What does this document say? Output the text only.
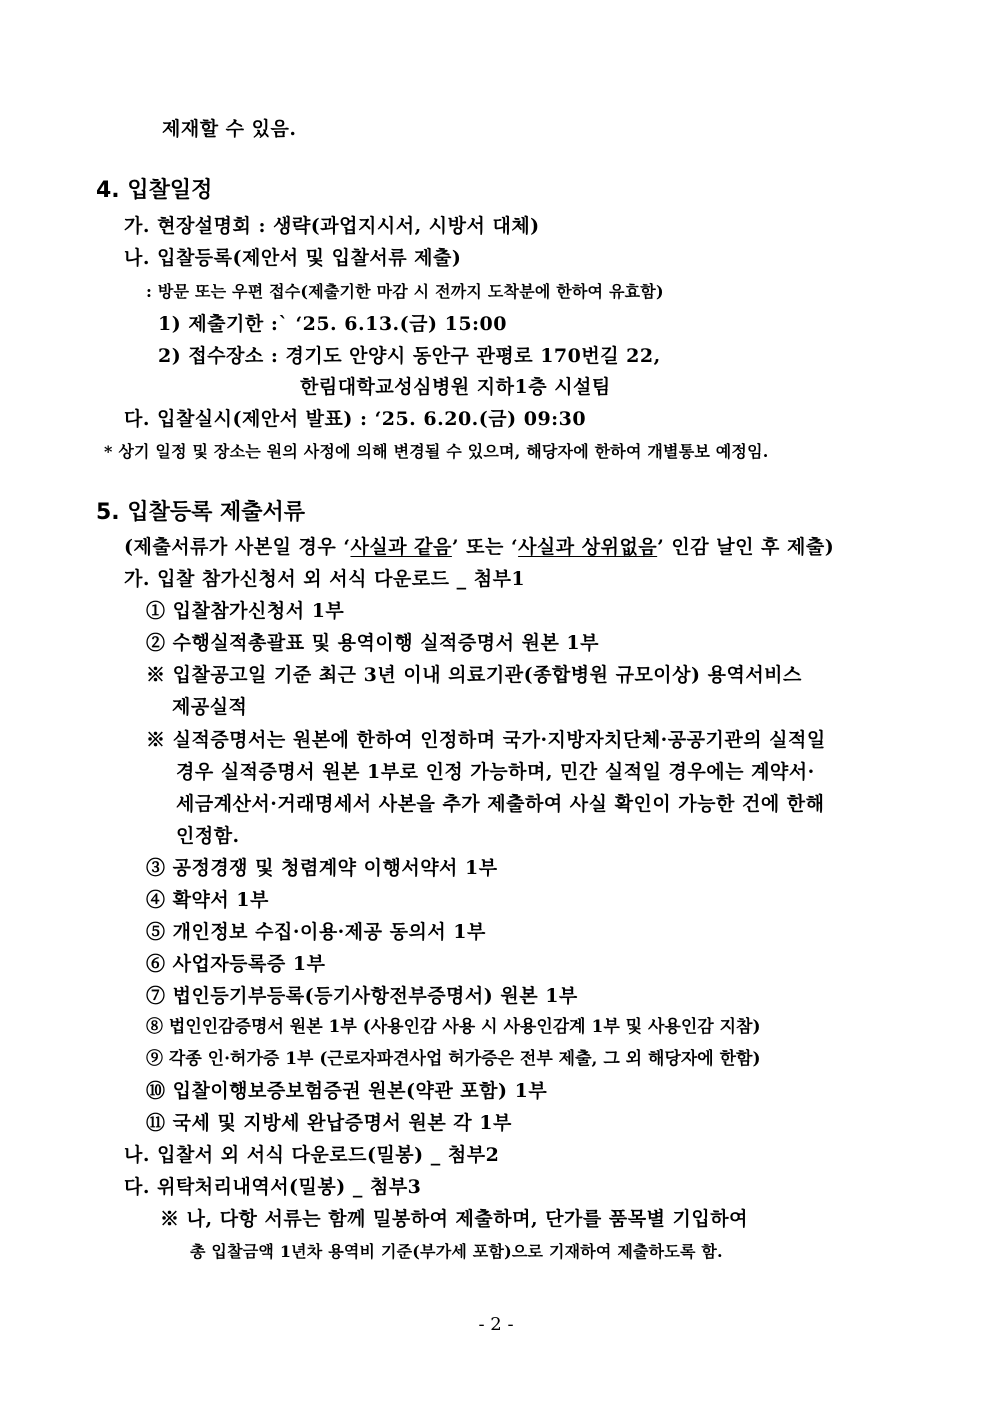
제재할 수 있음.
4. 입찰일정
가. 현장설명회 : 생략(과업지시서, 시방서 대체)
나. 입찰등록(제안서 및 입찰서류 제출)
: 방문 또는 우편 접수(제출기한 마감 시 전까지 도착분에 한하여 유효함)
1) 제출기한 :` ‘25. 6.13.(금) 15:00
2) 접수장소 : 경기도 안양시 동안구 관평로 170번길 22,
한림대학교성심병원 지하1층 시설팀
다. 입찰실시(제안서 발표) : ‘25. 6.20.(금) 09:30
* 상기 일정 및 장소는 원의 사정에 의해 변경될 수 있으며, 해당자에 한하여 개별통보 예정임.
5. 입찰등록 제출서류
(제출서류가 사본일 경우 ‘사실과 같음’ 또는 ‘사실과 상위없음’ 인감 날인 후 제출)
가. 입찰 참가신청서 외 서식 다운로드 _ 첨부1
① 입찰참가신청서 1부
② 수행실적총괄표 및 용역이행 실적증명서 원본 1부
※ 입찰공고일 기준 최근 3년 이내 의료기관(종합병원 규모이상) 용역서비스
제공실적
※ 실적증명서는 원본에 한하여 인정하며 국가·지방자치단체·공공기관의 실적일
경우 실적증명서 원본 1부로 인정 가능하며, 민간 실적일 경우에는 계약서·
세금계산서·거래명세서 사본을 추가 제출하여 사실 확인이 가능한 건에 한해
인정함.
③ 공정경쟁 및 청렴계약 이행서약서 1부
④ 확약서 1부
⑤ 개인정보 수집·이용·제공 동의서 1부
⑥ 사업자등록증 1부
⑦ 법인등기부등록(등기사항전부증명서) 원본 1부
⑧ 법인인감증명서 원본 1부 (사용인감 사용 시 사용인감계 1부 및 사용인감 지참)
⑨ 각종 인·허가증 1부 (근로자파견사업 허가증은 전부 제출, 그 외 해당자에 한함)
⑩ 입찰이행보증보험증권 원본(약관 포함) 1부
⑪ 국세 및 지방세 완납증명서 원본 각 1부
나. 입찰서 외 서식 다운로드(밀봉) _ 첨부2
다. 위탁처리내역서(밀봉) _ 첨부3
※ 나, 다항 서류는 함께 밀봉하여 제출하며, 단가를 품목별 기입하여
총 입찰금액 1년차 용역비 기준(부가세 포함)으로 기재하여 제출하도록 함.
- 2 -
